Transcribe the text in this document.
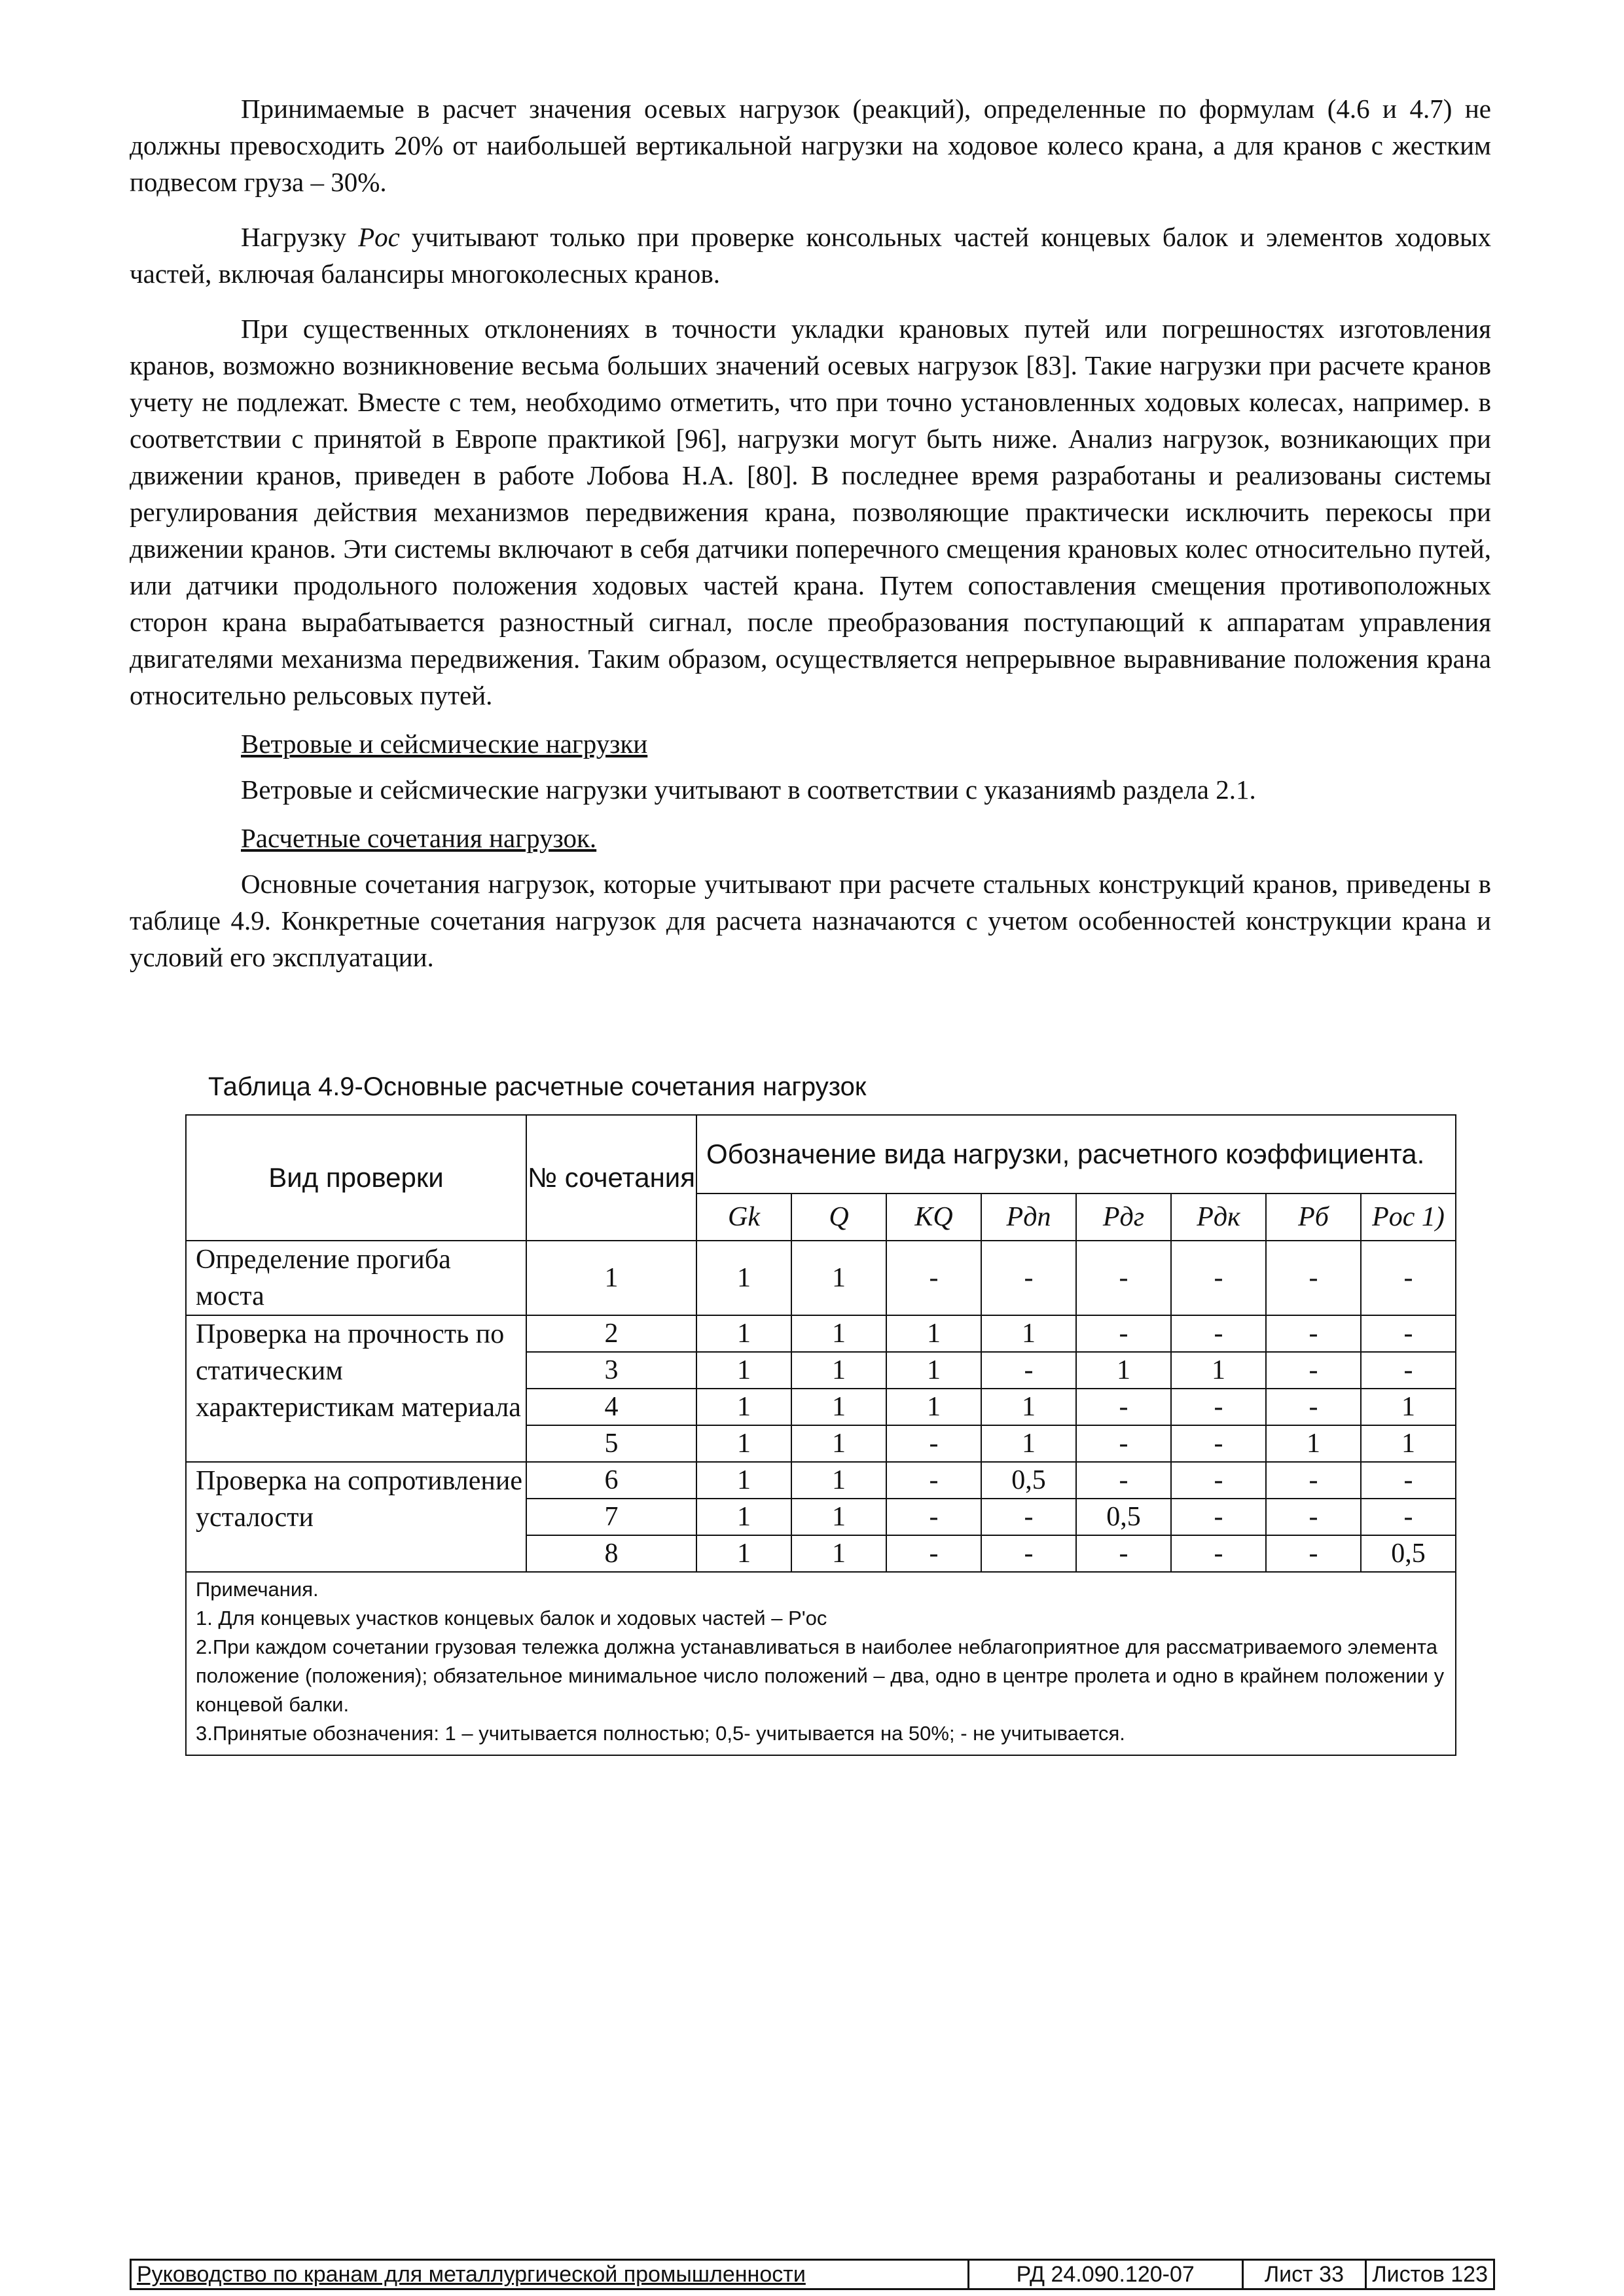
Принимаемые в расчет значения осевых нагрузок (реакций), определенные по формулам (4.6 и 4.7) не должны превосходить 20% от наибольшей вертикальной нагрузки на ходовое колесо крана, а для кранов с жестким подвесом груза – 30%.

Нагрузку Pос учитывают только при проверке консольных частей концевых балок и элементов ходовых частей, включая балансиры многоколесных кранов.

При существенных отклонениях в точности укладки крановых путей или погрешностях изготовления кранов, возможно возникновение весьма больших значений осевых нагрузок [83]. Такие нагрузки при расчете кранов учету не подлежат. Вместе с тем, необходимо отметить, что при точно установленных ходовых колесах, например. в соответствии с принятой в Европе практикой [96], нагрузки могут быть ниже. Анализ нагрузок, возникающих при движении кранов, приведен в работе Лобова Н.А. [80]. В последнее время разработаны и реализованы системы регулирования действия механизмов передвижения крана, позволяющие практически исключить перекосы при движении кранов. Эти системы включают в себя датчики поперечного смещения крановых колес относительно путей, или датчики продольного положения ходовых частей крана. Путем сопоставления смещения противоположных сторон крана вырабатывается разностный сигнал, после преобразования поступающий к аппаратам управления двигателями механизма передвижения. Таким образом, осуществляется непрерывное выравнивание положения крана относительно рельсовых путей.

Ветровые и сейсмические нагрузки

Ветровые и сейсмические нагрузки учитывают в соответствии с указаниямb раздела 2.1.

Расчетные сочетания нагрузок.

Основные сочетания нагрузок, которые учитывают при расчете стальных конструкций кранов, приведены в таблице 4.9. Конкретные сочетания нагрузок для расчета назначаются с учетом особенностей конструкции крана и условий его эксплуатации.

Таблица 4.9-Основные расчетные сочетания нагрузок
Вид проверки	№ сочетания	Обозначение вида нагрузки, расчетного коэффициента.							
		Gk	Q	KQ	Pдп	Pдг	Pдк	Pб	Pос 1)
Определение прогиба моста	1	1	1	-	-	-	-	-	-
Проверка на прочность по статическим характеристикам материала	2	1	1	1	1	-	-	-	-
	3	1	1	1	-	1	1	-	-
	4	1	1	1	1	-	-	-	1
	5	1	1	-	1	-	-	1	1
Проверка на сопротивление усталости	6	1	1	-	0,5	-	-	-	-
	7	1	1	-	-	0,5	-	-	-
	8	1	1	-	-	-	-	-	0,5

Примечания.
1. Для концевых участков концевых балок и ходовых частей – P'ос
2.При каждом сочетании грузовая тележка должна устанавливаться в наиболее неблагоприятное для рассматриваемого элемента положение (положения); обязательное минимальное число положений – два, одно в центре пролета и одно в крайнем положении у концевой балки.
3.Принятые обозначения: 1 – учитывается полностью; 0,5- учитывается на 50%; - не учитывается.									
Руководство по кранам для металлургической промышленности	РД 24.090.120-07	Лист 33	Листов 123
